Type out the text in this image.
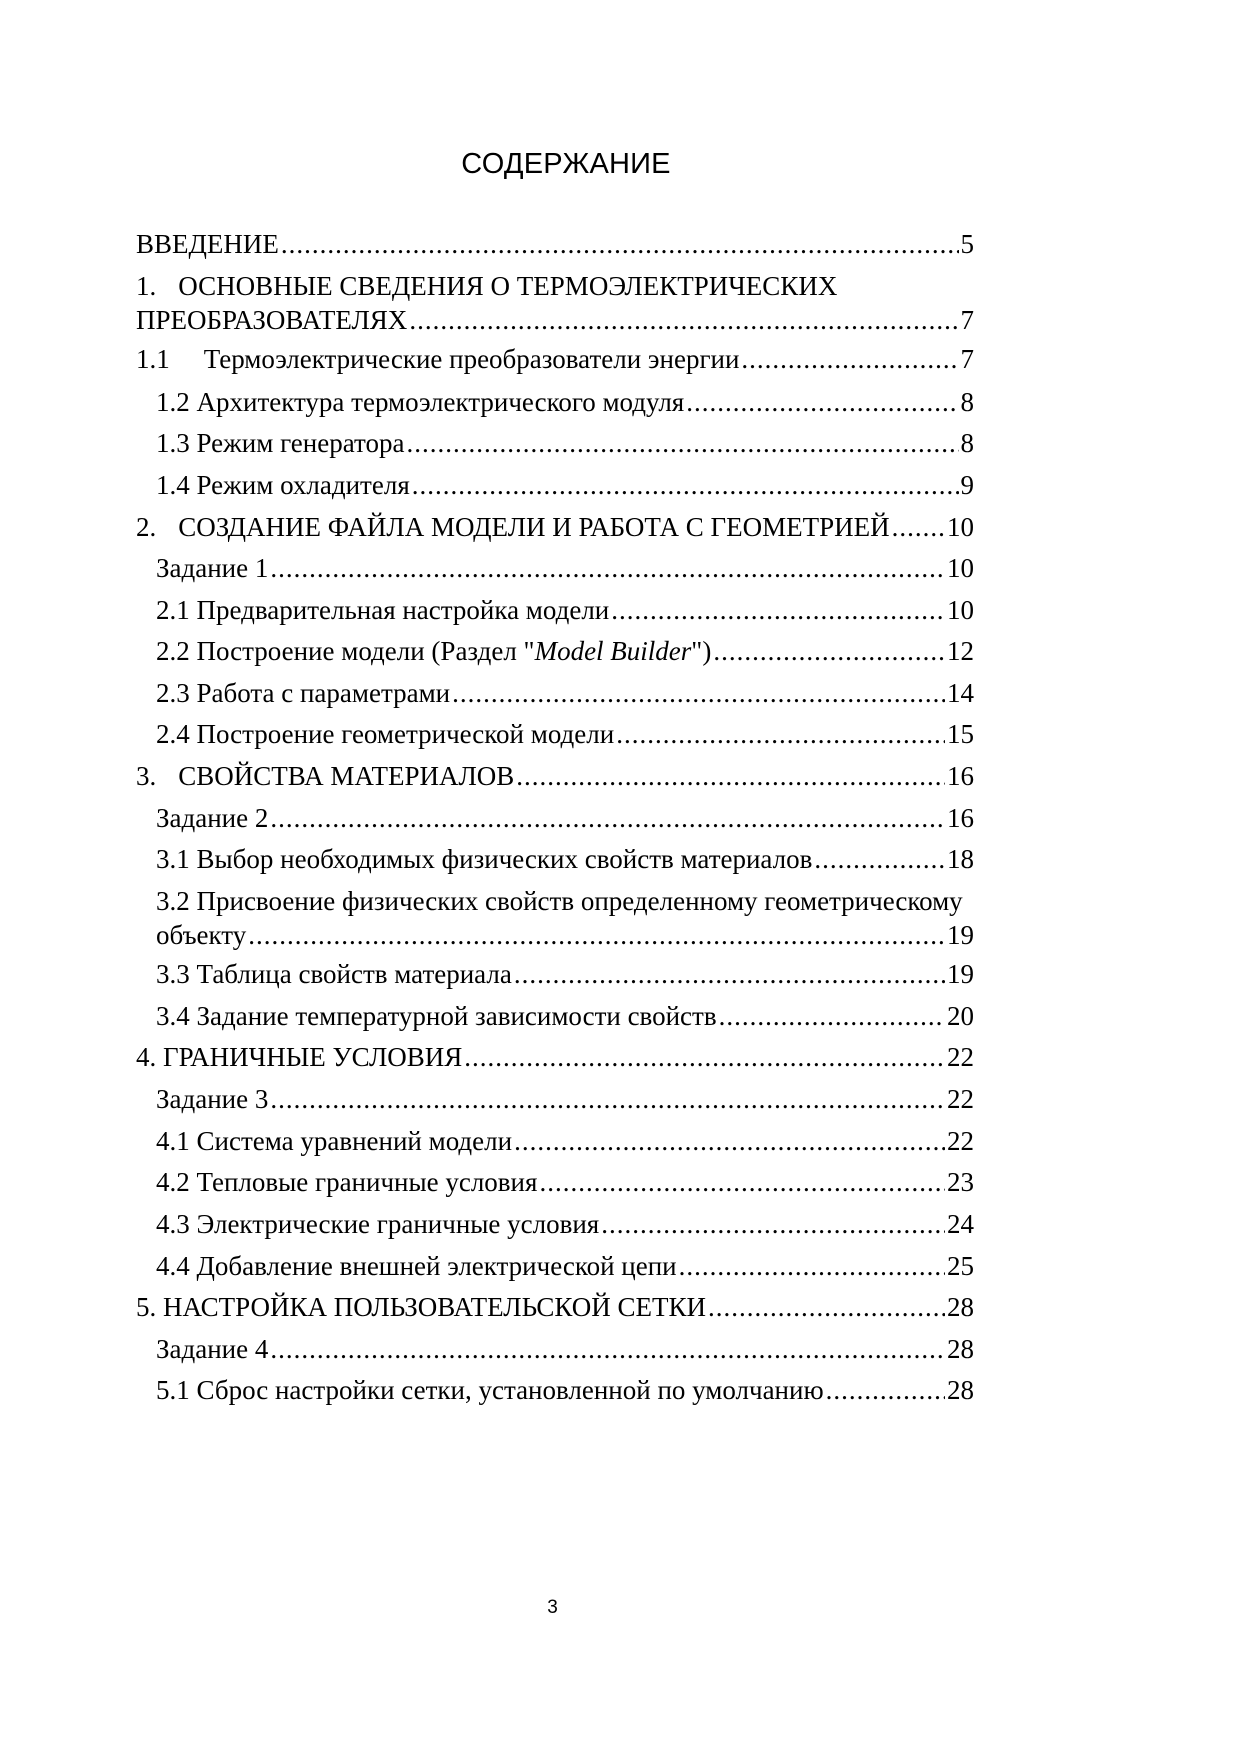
СОДЕРЖАНИЕ
ВВЕДЕНИЕ .....	5
1. ОСНОВНЫЕ СВЕДЕНИЯ О ТЕРМОЭЛЕКТРИЧЕСКИХ
ПРЕОБРАЗОВАТЕЛЯХ .....	7
1.1 Термоэлектрические преобразователи энергии .....	7
1.2 Архитектура термоэлектрического модуля .....	8
1.3 Режим генератора .....	8
1.4 Режим охладителя .....	9
2. СОЗДАНИЕ ФАЙЛА МОДЕЛИ И РАБОТА С ГЕОМЕТРИЕЙ ..... 10
Задание 1 .....	10
2.1 Предварительная настройка модели .....	10
2.2 Построение модели (Раздел "Model Builder") .....	12
2.3 Работа с параметрами .....	14
2.4 Построение геометрической модели .....	15
3. СВОЙСТВА МАТЕРИАЛОВ .....	16
Задание 2 .....	16
3.1 Выбор необходимых физических свойств материалов .....	18
3.2 Присвоение физических свойств определенному геометрическому
объекту .....	19
3.3 Таблица свойств материала .....	19
3.4 Задание температурной зависимости свойств .....	20
4. ГРАНИЧНЫЕ УСЛОВИЯ .....	22
Задание 3 .....	22
4.1 Система уравнений модели .....	22
4.2 Тепловые граничные условия .....	23
4.3 Электрические граничные условия .....	24
4.4 Добавление внешней электрической цепи .....	25
5. НАСТРОЙКА ПОЛЬЗОВАТЕЛЬСКОЙ СЕТКИ .....	28
Задание 4 .....	28
5.1 Сброс настройки сетки, установленной по умолчанию .....	28
3
